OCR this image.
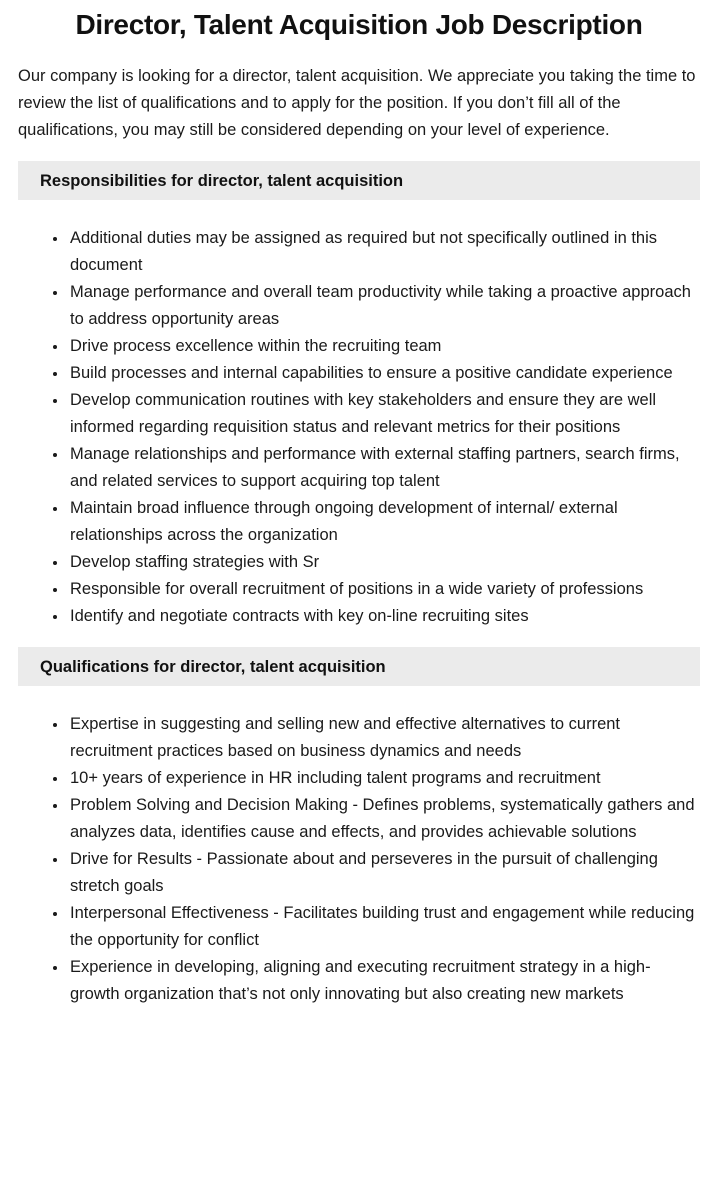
Director, Talent Acquisition Job Description

Our company is looking for a director, talent acquisition. We appreciate you taking the time to review the list of qualifications and to apply for the position. If you don’t fill all of the qualifications, you may still be considered depending on your level of experience.

Responsibilities for director, talent acquisition
• Additional duties may be assigned as required but not specifically outlined in this document
• Manage performance and overall team productivity while taking a proactive approach to address opportunity areas
• Drive process excellence within the recruiting team
• Build processes and internal capabilities to ensure a positive candidate experience
• Develop communication routines with key stakeholders and ensure they are well informed regarding requisition status and relevant metrics for their positions
• Manage relationships and performance with external staffing partners, search firms, and related services to support acquiring top talent
• Maintain broad influence through ongoing development of internal/ external relationships across the organization
• Develop staffing strategies with Sr
• Responsible for overall recruitment of positions in a wide variety of professions
• Identify and negotiate contracts with key on-line recruiting sites
Qualifications for director, talent acquisition
• Expertise in suggesting and selling new and effective alternatives to current recruitment practices based on business dynamics and needs
• 10+ years of experience in HR including talent programs and recruitment
• Problem Solving and Decision Making - Defines problems, systematically gathers and analyzes data, identifies cause and effects, and provides achievable solutions
• Drive for Results - Passionate about and perseveres in the pursuit of challenging stretch goals
• Interpersonal Effectiveness - Facilitates building trust and engagement while reducing the opportunity for conflict
• Experience in developing, aligning and executing recruitment strategy in a high-growth organization that’s not only innovating but also creating new markets
